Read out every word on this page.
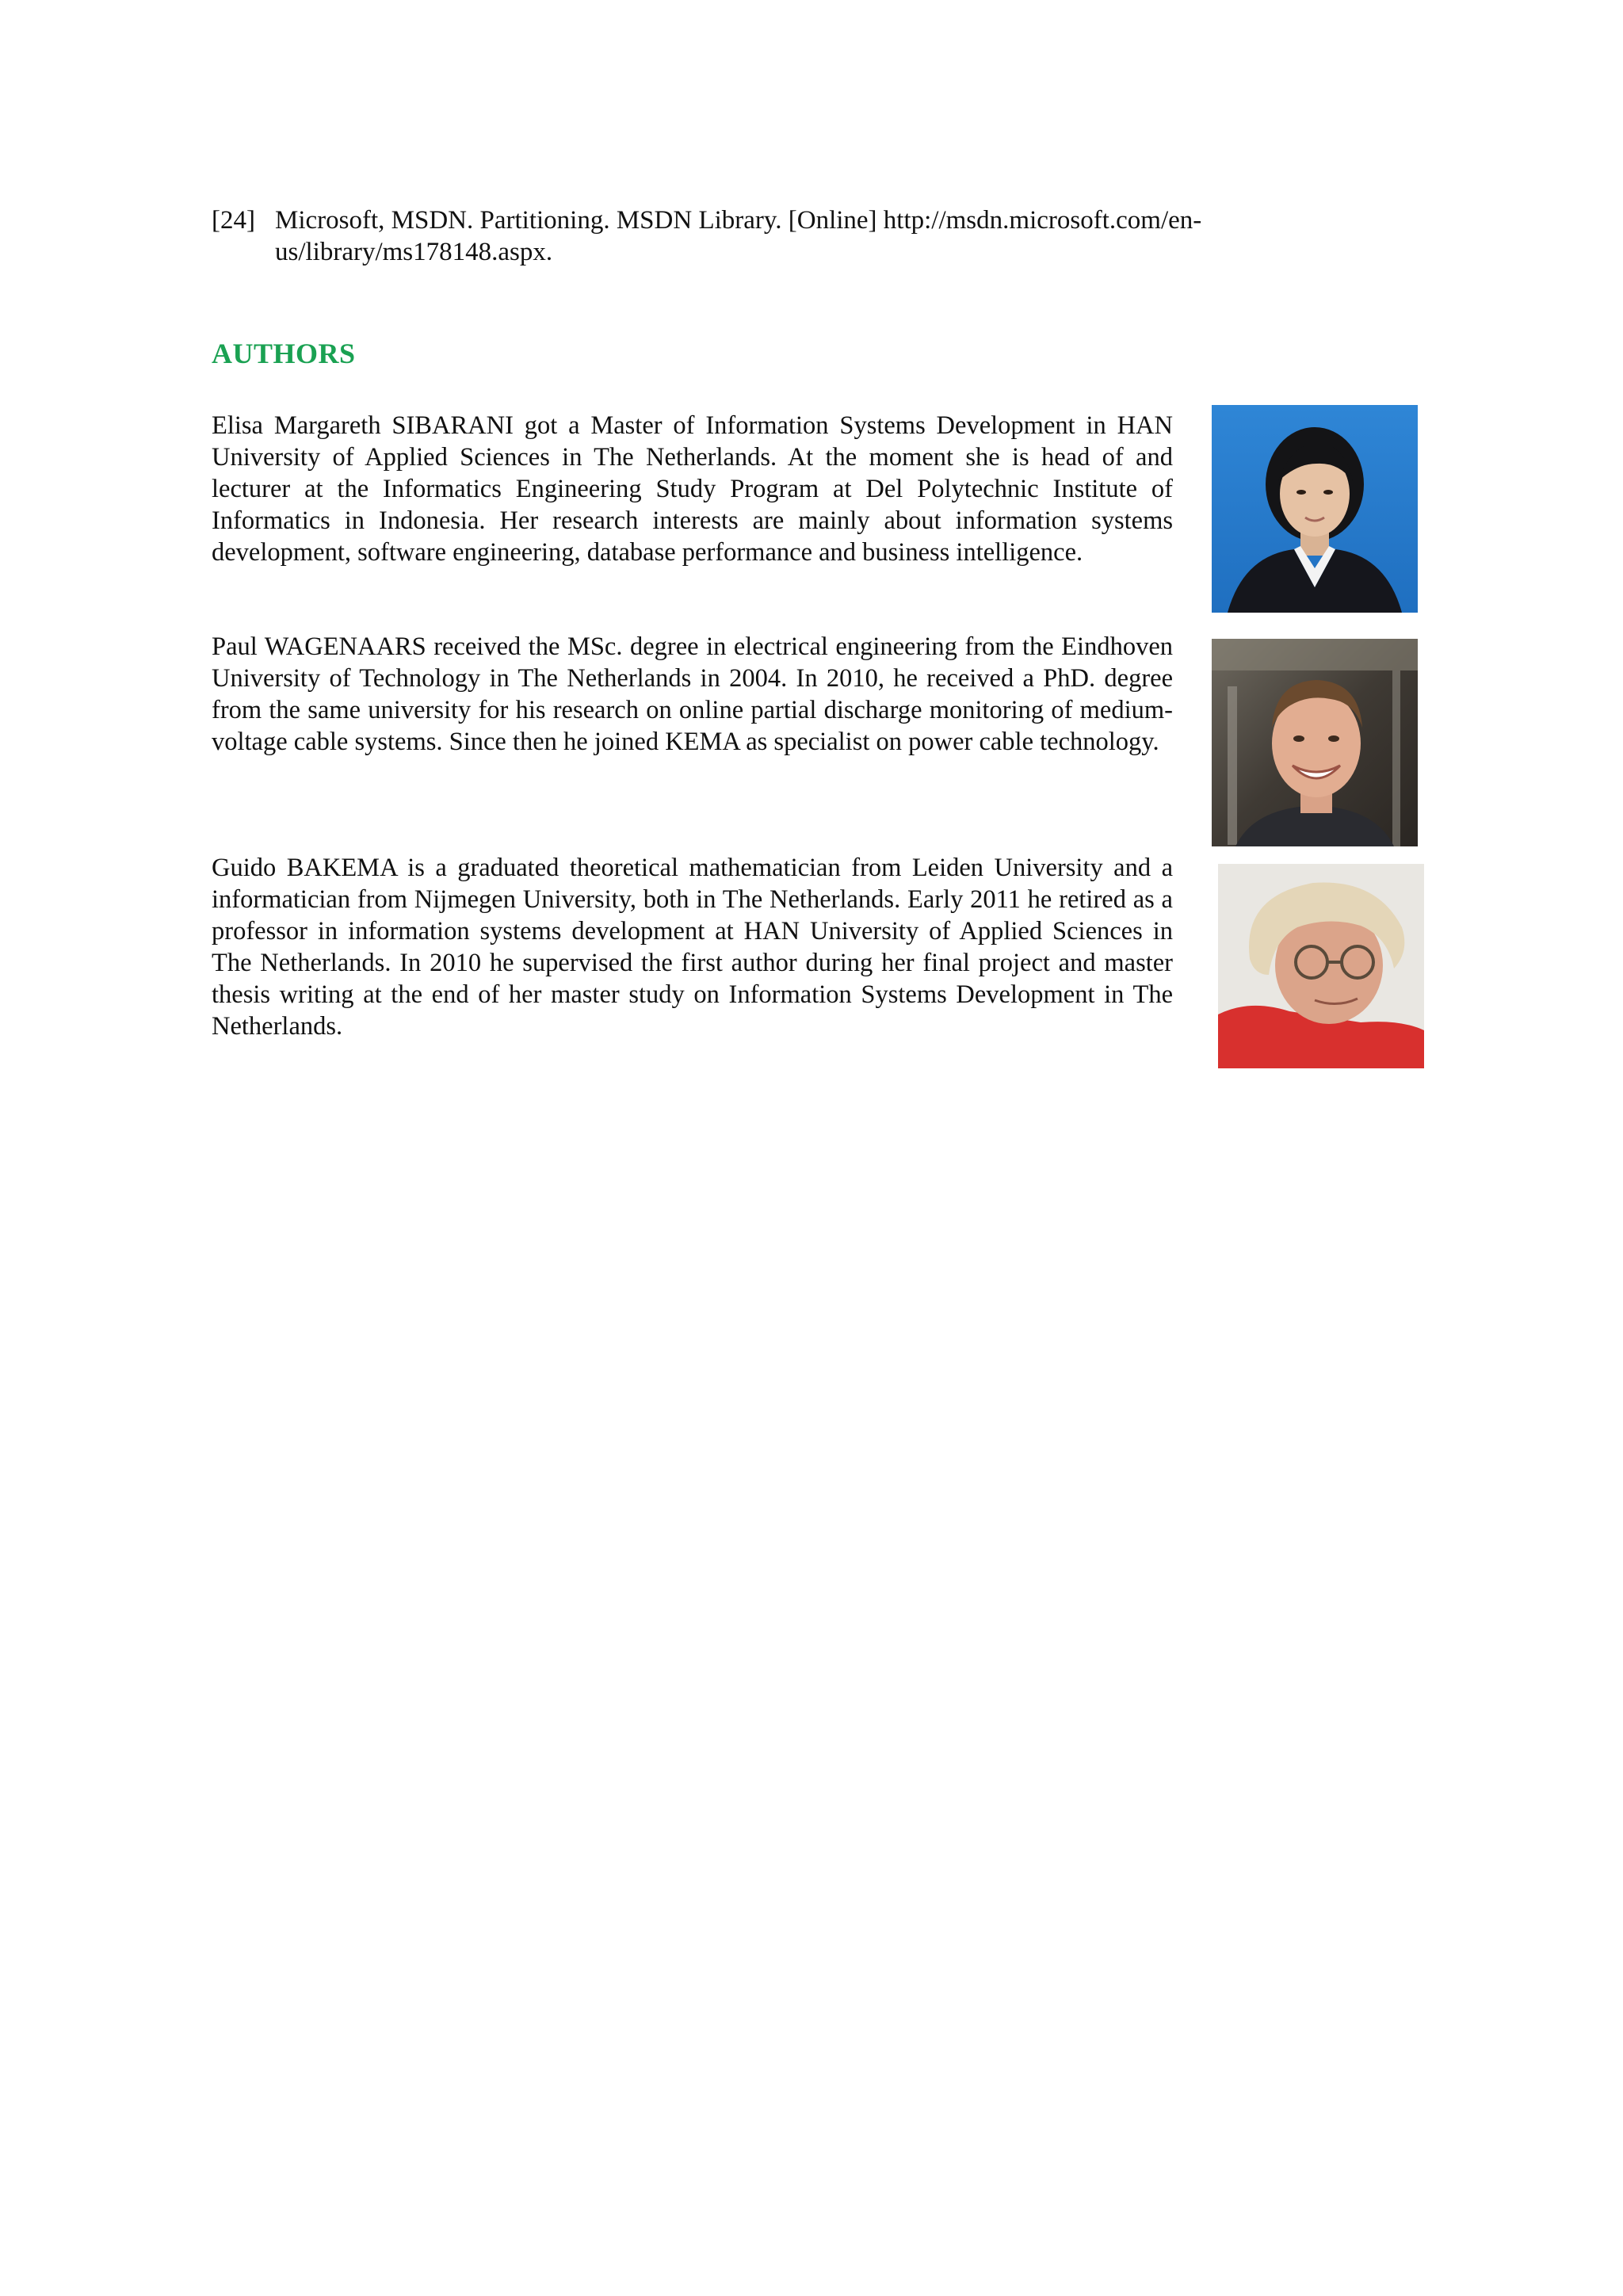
[24] Microsoft, MSDN. Partitioning. MSDN Library. [Online] http://msdn.microsoft.com/en-us/library/ms178148.aspx.
AUTHORS

Elisa Margareth SIBARANI got a Master of Information Systems Development in HAN University of Applied Sciences in The Netherlands. At the moment she is head of and lecturer at the Informatics Engineering Study Program at Del Polytechnic Institute of Informatics in Indonesia. Her research interests are mainly about information systems development, software engineering, database performance and business intelligence.

Paul WAGENAARS received the MSc. degree in electrical engineering from the Eindhoven University of Technology in The Netherlands in 2004. In 2010, he received a PhD. degree from the same university for his research on online partial discharge monitoring of medium-voltage cable systems. Since then he joined KEMA as specialist on power cable technology.

Guido BAKEMA is a graduated theoretical mathematician from Leiden University and a informatician from Nijmegen University, both in The Netherlands. Early 2011 he retired as a professor in information systems development at HAN University of Applied Sciences in The Netherlands. In 2010 he supervised the first author during her final project and master thesis writing at the end of her master study on Information Systems Development in The Netherlands.
